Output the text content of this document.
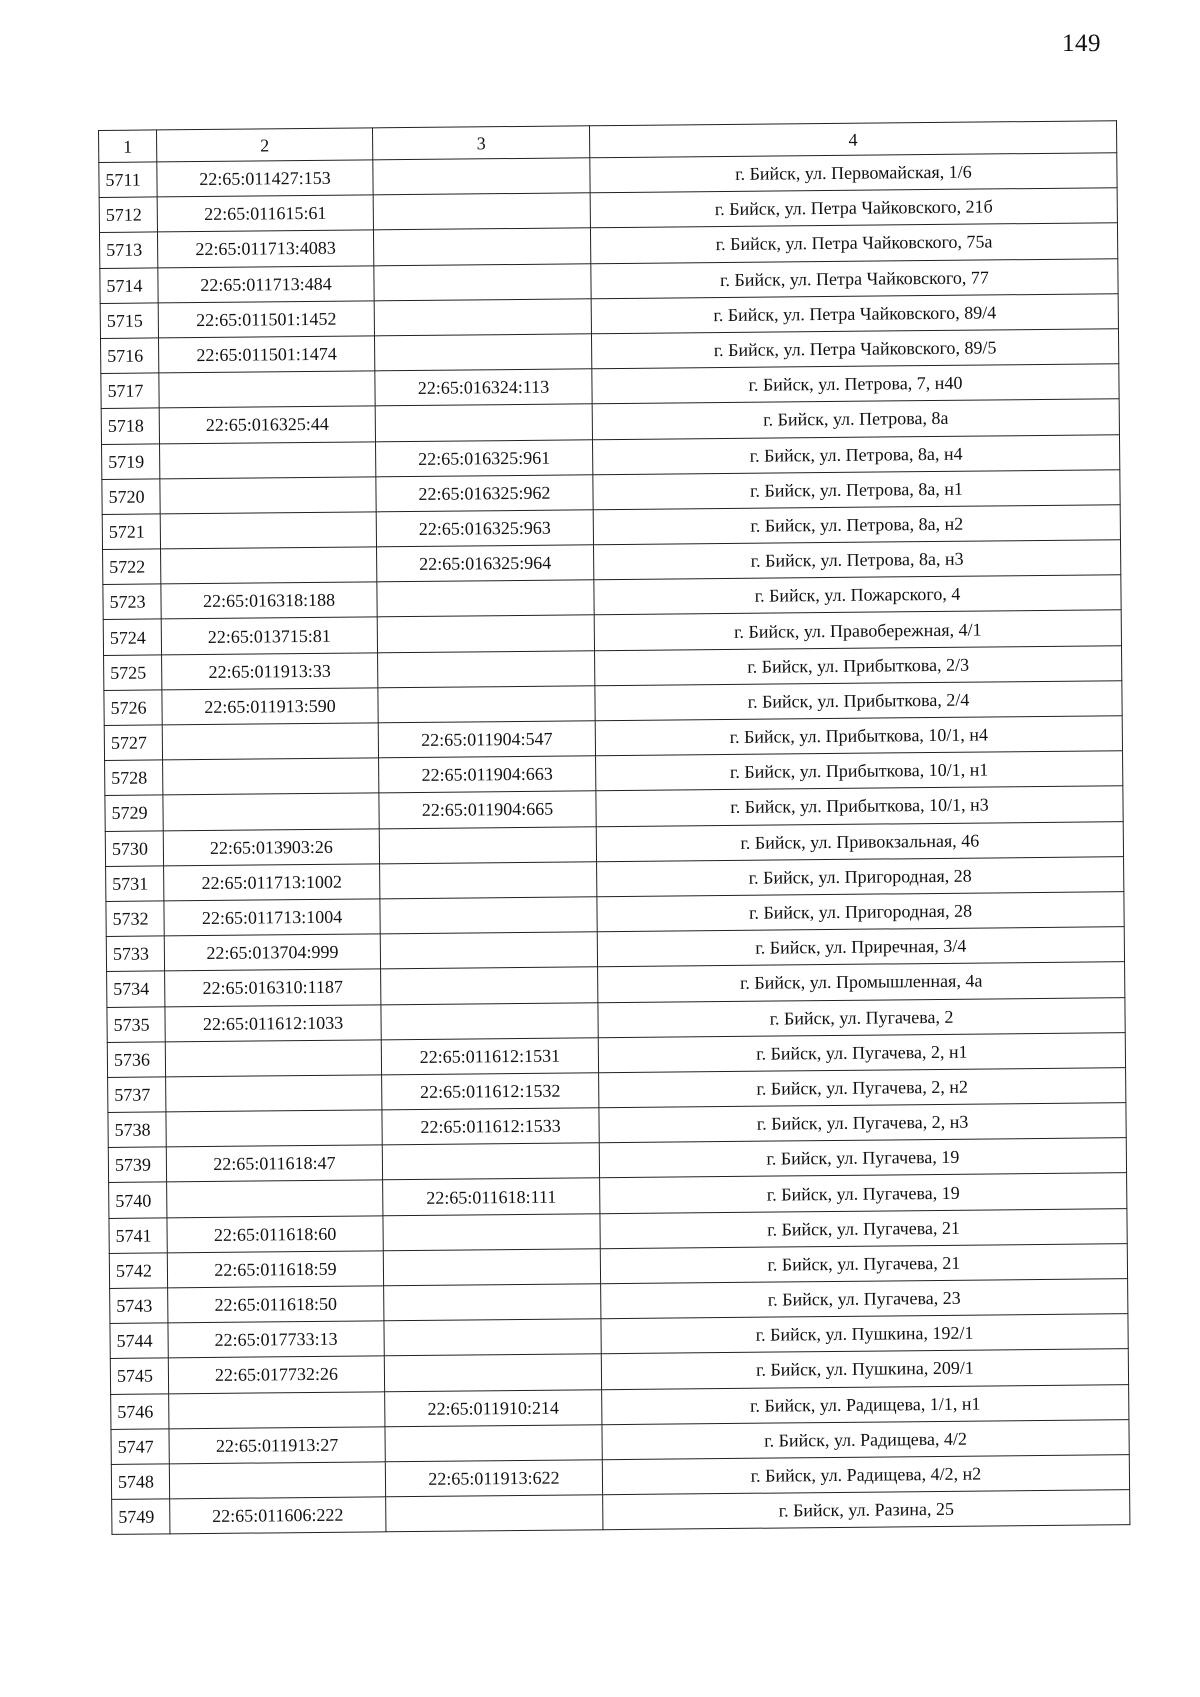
149
1	2	3	4
5711	22:65:011427:153		г. Бийск, ул. Первомайская, 1/6
5712	22:65:011615:61		г. Бийск, ул. Петра Чайковского, 21б
5713	22:65:011713:4083		г. Бийск, ул. Петра Чайковского, 75а
5714	22:65:011713:484		г. Бийск, ул. Петра Чайковского, 77
5715	22:65:011501:1452		г. Бийск, ул. Петра Чайковского, 89/4
5716	22:65:011501:1474		г. Бийск, ул. Петра Чайковского, 89/5
5717		22:65:016324:113	г. Бийск, ул. Петрова, 7, н40
5718	22:65:016325:44		г. Бийск, ул. Петрова, 8а
5719		22:65:016325:961	г. Бийск, ул. Петрова, 8а, н4
5720		22:65:016325:962	г. Бийск, ул. Петрова, 8а, н1
5721		22:65:016325:963	г. Бийск, ул. Петрова, 8а, н2
5722		22:65:016325:964	г. Бийск, ул. Петрова, 8а, н3
5723	22:65:016318:188		г. Бийск, ул. Пожарского, 4
5724	22:65:013715:81		г. Бийск, ул. Правобережная, 4/1
5725	22:65:011913:33		г. Бийск, ул. Прибыткова, 2/3
5726	22:65:011913:590		г. Бийск, ул. Прибыткова, 2/4
5727		22:65:011904:547	г. Бийск, ул. Прибыткова, 10/1, н4
5728		22:65:011904:663	г. Бийск, ул. Прибыткова, 10/1, н1
5729		22:65:011904:665	г. Бийск, ул. Прибыткова, 10/1, н3
5730	22:65:013903:26		г. Бийск, ул. Привокзальная, 46
5731	22:65:011713:1002		г. Бийск, ул. Пригородная, 28
5732	22:65:011713:1004		г. Бийск, ул. Пригородная, 28
5733	22:65:013704:999		г. Бийск, ул. Приречная, 3/4
5734	22:65:016310:1187		г. Бийск, ул. Промышленная, 4а
5735	22:65:011612:1033		г. Бийск, ул. Пугачева, 2
5736		22:65:011612:1531	г. Бийск, ул. Пугачева, 2, н1
5737		22:65:011612:1532	г. Бийск, ул. Пугачева, 2, н2
5738		22:65:011612:1533	г. Бийск, ул. Пугачева, 2, н3
5739	22:65:011618:47		г. Бийск, ул. Пугачева, 19
5740		22:65:011618:111	г. Бийск, ул. Пугачева, 19
5741	22:65:011618:60		г. Бийск, ул. Пугачева, 21
5742	22:65:011618:59		г. Бийск, ул. Пугачева, 21
5743	22:65:011618:50		г. Бийск, ул. Пугачева, 23
5744	22:65:017733:13		г. Бийск, ул. Пушкина, 192/1
5745	22:65:017732:26		г. Бийск, ул. Пушкина, 209/1
5746		22:65:011910:214	г. Бийск, ул. Радищева, 1/1, н1
5747	22:65:011913:27		г. Бийск, ул. Радищева, 4/2
5748		22:65:011913:622	г. Бийск, ул. Радищева, 4/2, н2
5749	22:65:011606:222		г. Бийск, ул. Разина, 25
